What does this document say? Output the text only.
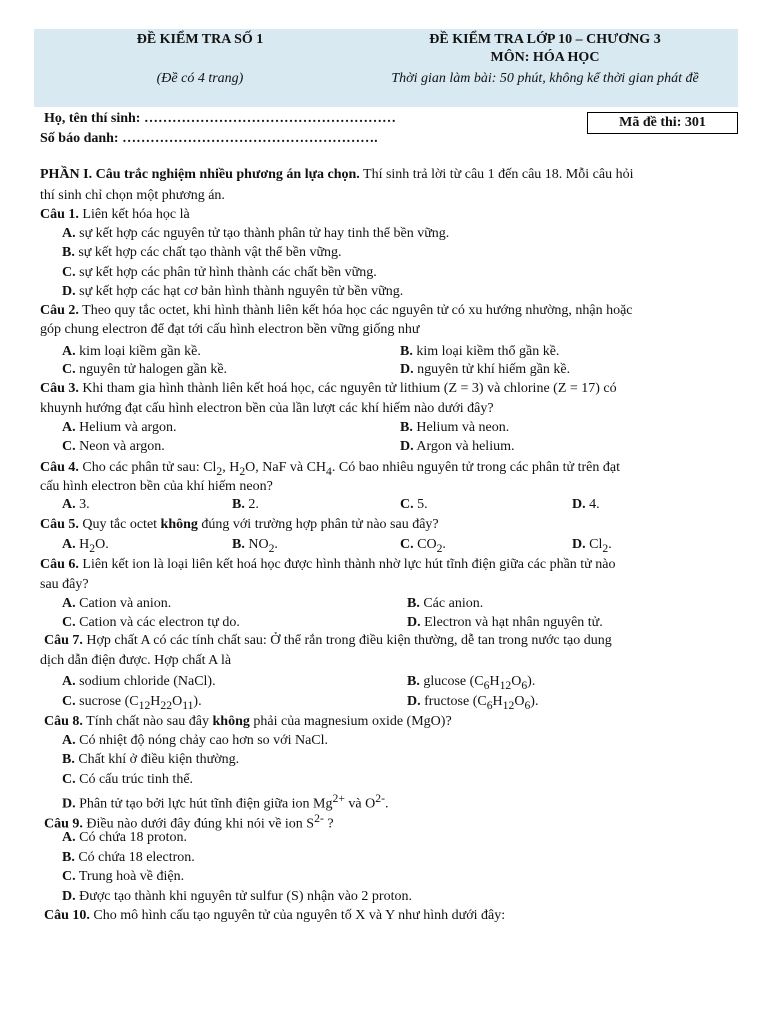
ĐỀ KIỂM TRA SỐ 1
(Đề có 4 trang)
ĐỀ KIỂM TRA LỚP 10 – CHƯƠNG 3
MÔN: HÓA HỌC
Thời gian làm bài: 50 phút, không kể thời gian phát đề
Họ, tên thí sinh: ………………………………………………
Số báo danh: ……………………………………………….
Mã đề thi: 301
PHẦN I. Câu trắc nghiệm nhiều phương án lựa chọn. Thí sinh trả lời từ câu 1 đến câu 18. Mỗi câu hỏi
thí sinh chỉ chọn một phương án.
Câu 1. Liên kết hóa học là
A. sự kết hợp các nguyên tử tạo thành phân tử hay tinh thể bền vững.
B. sự kết hợp các chất tạo thành vật thể bền vững.
C. sự kết hợp các phân tử hình thành các chất bền vững.
D. sự kết hợp các hạt cơ bản hình thành nguyên tử bền vững.
Câu 2. Theo quy tắc octet, khi hình thành liên kết hóa học các nguyên tử có xu hướng nhường, nhận hoặc
góp chung electron để đạt tới cấu hình electron bền vững giống như
A. kim loại kiềm gần kề.	B. kim loại kiềm thổ gần kề.
C. nguyên tử halogen gần kề.	D. nguyên tử khí hiếm gần kề.
Câu 3. Khi tham gia hình thành liên kết hoá học, các nguyên tử lithium (Z = 3) và chlorine (Z = 17) có
khuynh hướng đạt cấu hình electron bền của lần lượt các khí hiếm nào dưới đây?
A. Helium và argon.	B. Helium và neon.
C. Neon và argon.	D. Argon và helium.
Câu 4. Cho các phân tử sau: $Cl_2$, $H_2O$, NaF và $CH_4$. Có bao nhiêu nguyên tử trong các phân tử trên đạt
cấu hình electron bền của khí hiếm neon?
A. 3.	B. 2.	C. 5.	D. 4.
Câu 5. Quy tắc octet không đúng với trường hợp phân tử nào sau đây?
A. $H_2O$.	B. $NO_2$.	C. $CO_2$.	D. $Cl_2$.
Câu 6. Liên kết ion là loại liên kết hoá học được hình thành nhờ lực hút tĩnh điện giữa các phần tử nào
sau đây?
A. Cation và anion.	B. Các anion.
C. Cation và các electron tự do.	D. Electron và hạt nhân nguyên tử.
Câu 7. Hợp chất A có các tính chất sau: Ở thể rắn trong điều kiện thường, dễ tan trong nước tạo dung
dịch dẫn điện được. Hợp chất A là
A. sodium chloride (NaCl).	B. glucose $(C_6H_{12}O_6)$.
C. sucrose $(C_{12}H_{22}O_{11})$.	D. fructose $(C_6H_{12}O_6)$.
Câu 8. Tính chất nào sau đây không phải của magnesium oxide (MgO)?
A. Có nhiệt độ nóng chảy cao hơn so với NaCl.
B. Chất khí ở điều kiện thường.
C. Có cấu trúc tinh thể.
D. Phân tử tạo bởi lực hút tĩnh điện giữa ion $Mg^{2+}$ và $O^{2-}$.
Câu 9. Điều nào dưới đây đúng khi nói về ion $S^{2-}$ ?
A. Có chứa 18 proton.
B. Có chứa 18 electron.
C. Trung hoà về điện.
D. Được tạo thành khi nguyên tử sulfur (S) nhận vào 2 proton.
Câu 10. Cho mô hình cấu tạo nguyên tử của nguyên tố X và Y như hình dưới đây:
